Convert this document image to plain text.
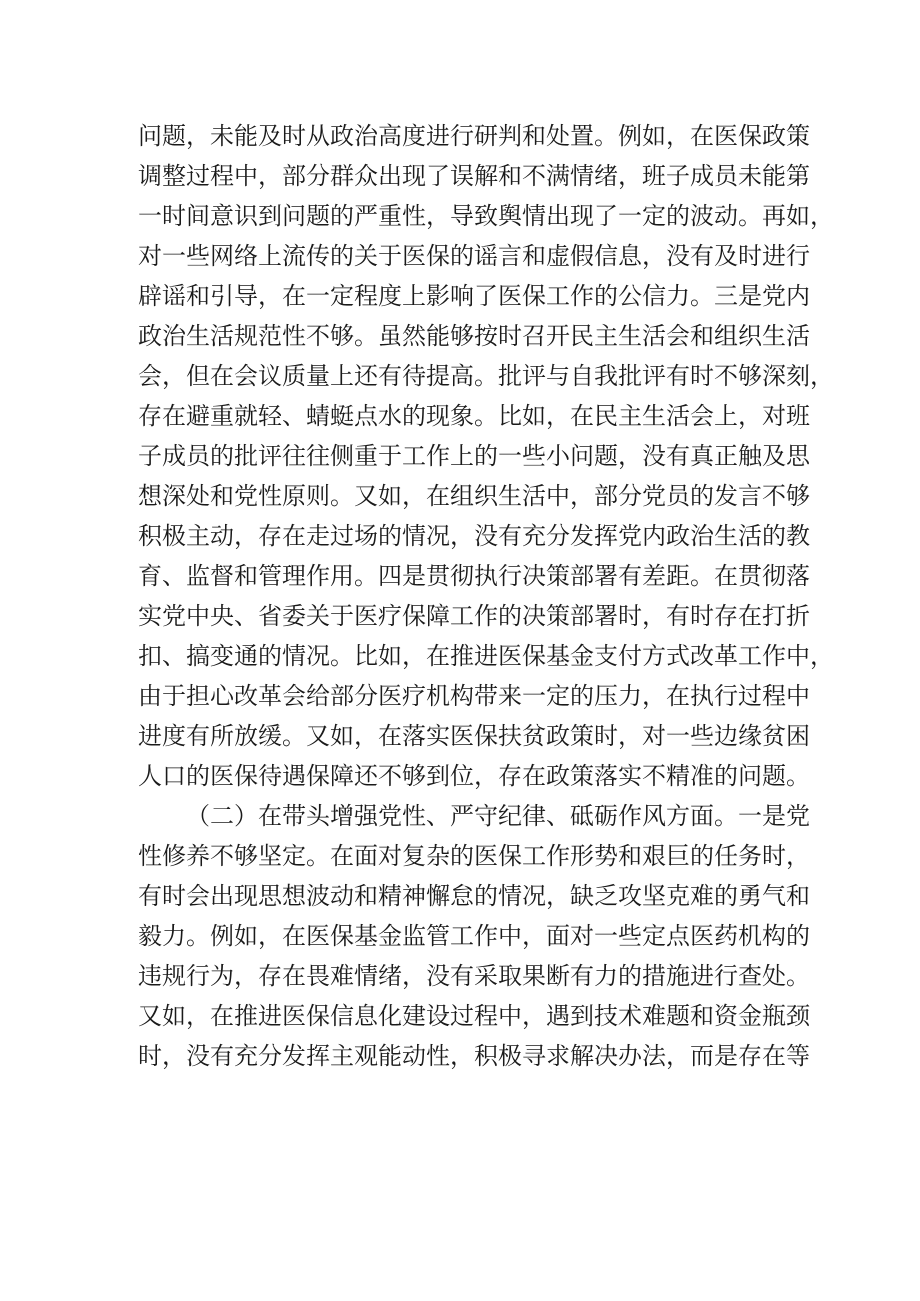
问题，未能及时从政治高度进行研判和处置。例如，在医保政策
调整过程中，部分群众出现了误解和不满情绪，班子成员未能第
一时间意识到问题的严重性，导致舆情出现了一定的波动。再如，
对一些网络上流传的关于医保的谣言和虚假信息，没有及时进行
辟谣和引导，在一定程度上影响了医保工作的公信力。三是党内
政治生活规范性不够。虽然能够按时召开民主生活会和组织生活
会，但在会议质量上还有待提高。批评与自我批评有时不够深刻，
存在避重就轻、蜻蜓点水的现象。比如，在民主生活会上，对班
子成员的批评往往侧重于工作上的一些小问题，没有真正触及思
想深处和党性原则。又如，在组织生活中，部分党员的发言不够
积极主动，存在走过场的情况，没有充分发挥党内政治生活的教
育、监督和管理作用。四是贯彻执行决策部署有差距。在贯彻落
实党中央、省委关于医疗保障工作的决策部署时，有时存在打折
扣、搞变通的情况。比如，在推进医保基金支付方式改革工作中，
由于担心改革会给部分医疗机构带来一定的压力，在执行过程中
进度有所放缓。又如，在落实医保扶贫政策时，对一些边缘贫困
人口的医保待遇保障还不够到位，存在政策落实不精准的问题。
（二）在带头增强党性、严守纪律、砥砺作风方面。一是党
性修养不够坚定。在面对复杂的医保工作形势和艰巨的任务时，
有时会出现思想波动和精神懈怠的情况，缺乏攻坚克难的勇气和
毅力。例如，在医保基金监管工作中，面对一些定点医药机构的
违规行为，存在畏难情绪，没有采取果断有力的措施进行查处。
又如，在推进医保信息化建设过程中，遇到技术难题和资金瓶颈
时，没有充分发挥主观能动性，积极寻求解决办法，而是存在等
